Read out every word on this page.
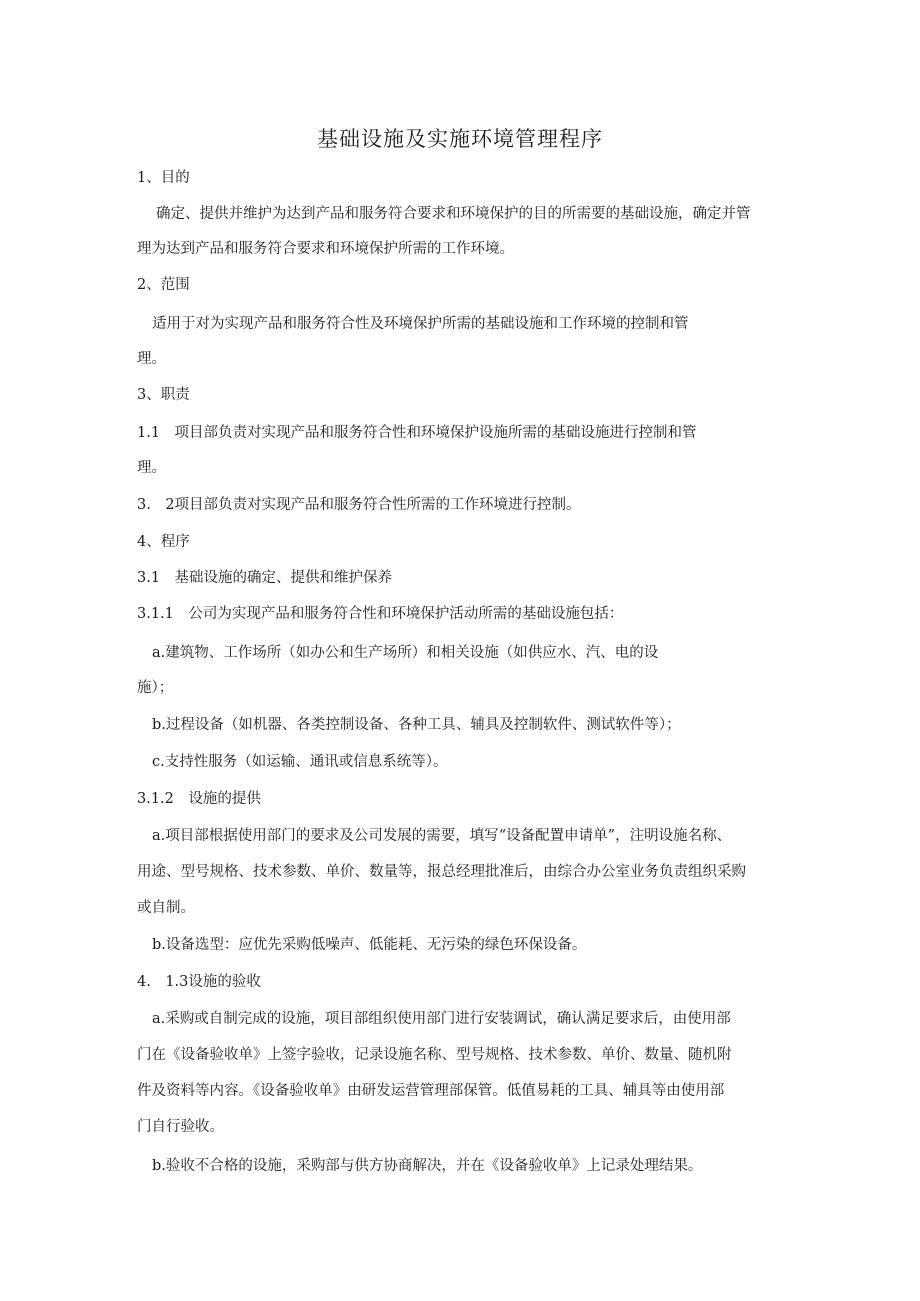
基础设施及实施环境管理程序
1、目的
确定、提供并维护为达到产品和服务符合要求和环境保护的目的所需要的基础设施，确定并管
理为达到产品和服务符合要求和环境保护所需的工作环境。
2、范围
适用于对为实现产品和服务符合性及环境保护所需的基础设施和工作环境的控制和管
理。
3、职责
1.1　项目部负责对实现产品和服务符合性和环境保护设施所需的基础设施进行控制和管
理。
3.　2项目部负责对实现产品和服务符合性所需的工作环境进行控制。
4、程序
3.1　基础设施的确定、提供和维护保养
3.1.1　公司为实现产品和服务符合性和环境保护活动所需的基础设施包括：
a.建筑物、工作场所（如办公和生产场所）和相关设施（如供应水、汽、电的设
施）；
b.过程设备（如机器、各类控制设备、各种工具、辅具及控制软件、测试软件等）；
c.支持性服务（如运输、通讯或信息系统等）。
3.1.2　设施的提供
a.项目部根据使用部门的要求及公司发展的需要，填写“设备配置申请单”，注明设施名称、
用途、型号规格、技术参数、单价、数量等，报总经理批准后，由综合办公室业务负责组织采购
或自制。
b.设备选型：应优先采购低噪声、低能耗、无污染的绿色环保设备。
4.　1.3设施的验收
a.采购或自制完成的设施，项目部组织使用部门进行安装调试，确认满足要求后，由使用部
门在《设备验收单》上签字验收，记录设施名称、型号规格、技术参数、单价、数量、随机附
件及资料等内容。《设备验收单》由研发运营管理部保管。低值易耗的工具、辅具等由使用部
门自行验收。
b.验收不合格的设施，采购部与供方协商解决，并在《设备验收单》上记录处理结果。
